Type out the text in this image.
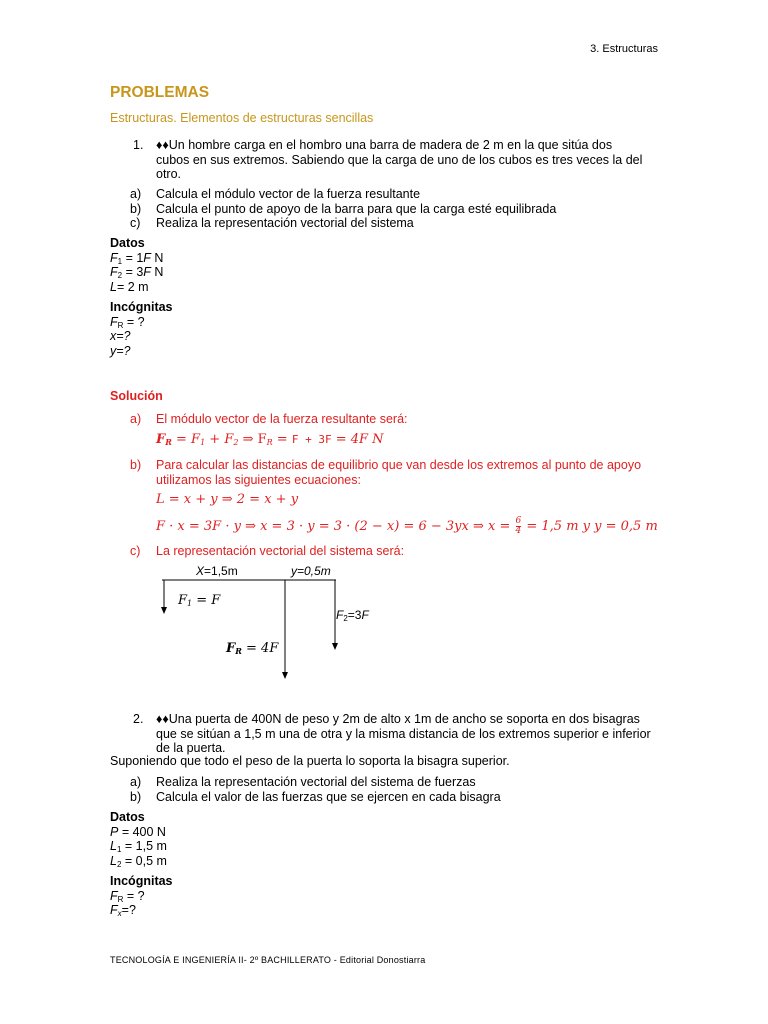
3. Estructuras
PROBLEMAS
Estructuras. Elementos de estructuras sencillas
1. ♦♦Un hombre carga en el hombro una barra de madera de 2 m en la que sitúa dos
cubos en sus extremos. Sabiendo que la carga de uno de los cubos es tres veces la del
otro.
a) Calcula el módulo vector de la fuerza resultante
b) Calcula el punto de apoyo de la barra para que la carga esté equilibrada
c) Realiza la representación vectorial del sistema
Datos
$F_1 = 1F$ N
$F_2 = 3F$ N
L= 2 m
Incógnitas
$F_R$ = ?
x=?
y=?
Solución
a) El módulo vector de la fuerza resultante será:
$F_R = F_1 + F_2$ ⇒ $F_R = F + 3F = 4F$ N
b) Para calcular las distancias de equilibrio que van desde los extremos al punto de apoyo
utilizamos las siguientes ecuaciones:
L = x + y ⇒ 2 = x + y
F · x = 3F · y ⇒ x = 3 · y = 3 · (2 − x) = 6 − 3yx ⇒ $x = \frac{6}{4} = 1,5$ m y y = 0,5 m
c) La representación vectorial del sistema será:
X=1,5m	y=0,5m
$F_1 = F$
$F_2=3F$
$F_R = 4F$
2. ♦♦Una puerta de 400N de peso y 2m de alto x 1m de ancho se soporta en dos bisagras
que se sitúan a 1,5 m una de otra y la misma distancia de los extremos superior e inferior
de la puerta.
Suponiendo que todo el peso de la puerta lo soporta la bisagra superior.
a) Realiza la representación vectorial del sistema de fuerzas
b) Calcula el valor de las fuerzas que se ejercen en cada bisagra
Datos
P = 400 N
$L_1 = 1,5$ m
$L_2 = 0,5$ m
Incógnitas
$F_R$ = ?
$F_x=$?
TECNOLOGÍA E INGENIERÍA II- 2º BACHILLERATO - Editorial Donostiarra
